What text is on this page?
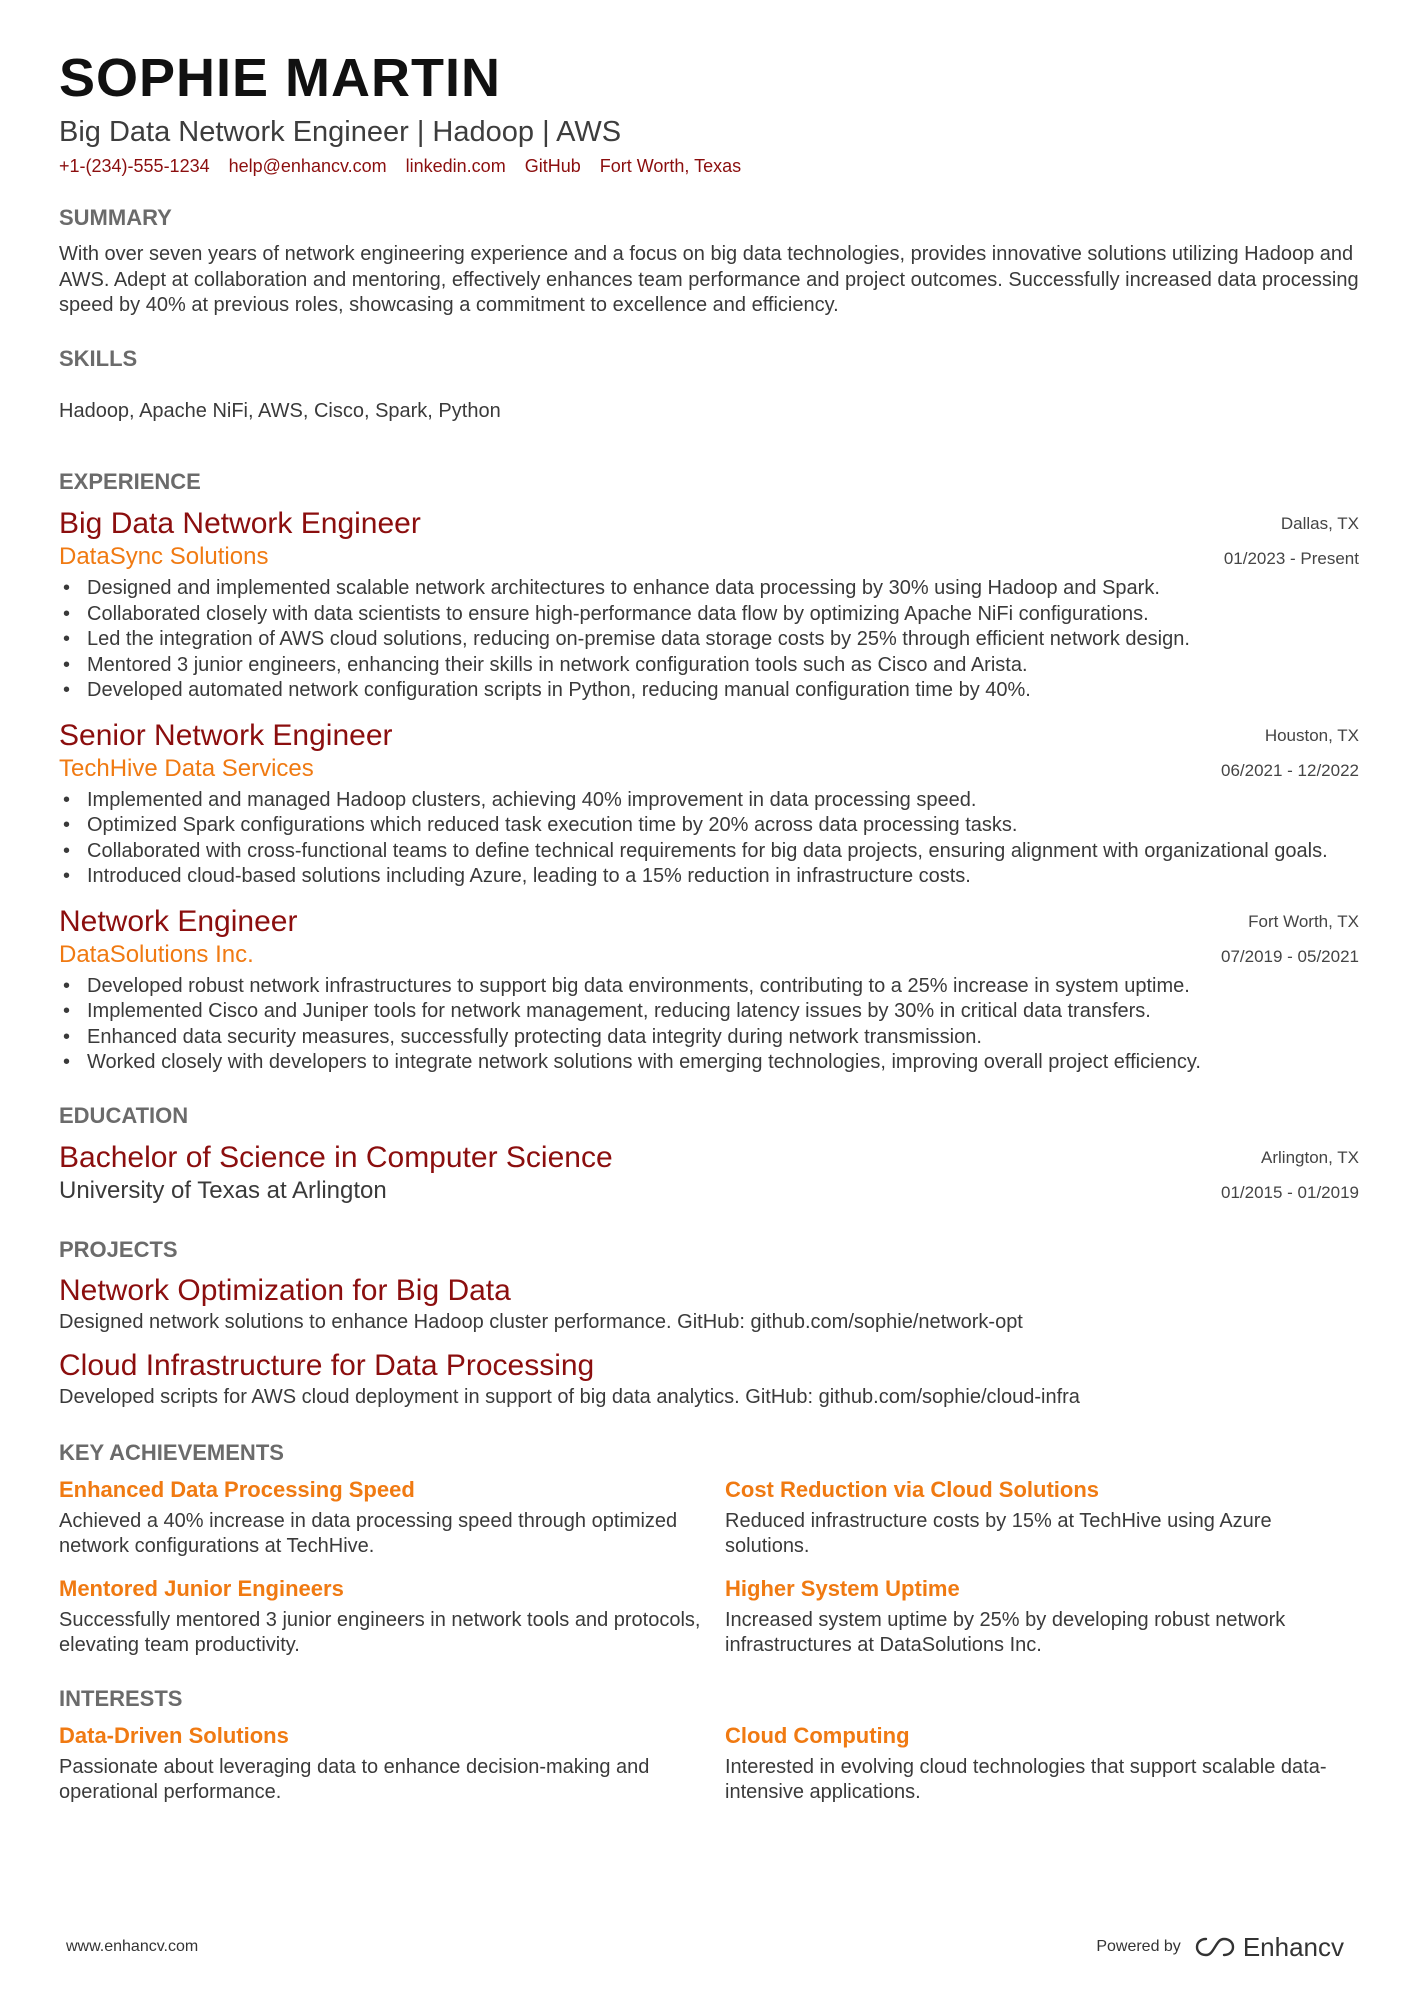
SOPHIE MARTIN
Big Data Network Engineer | Hadoop | AWS
+1-(234)-555-1234 help@enhancv.com linkedin.com GitHub Fort Worth, Texas
SUMMARY

With over seven years of network engineering experience and a focus on big data technologies, provides innovative solutions utilizing Hadoop and AWS. Adept at collaboration and mentoring, effectively enhances team performance and project outcomes. Successfully increased data processing speed by 40% at previous roles, showcasing a commitment to excellence and efficiency.

SKILLS

Hadoop, Apache NiFi, AWS, Cisco, Spark, Python

EXPERIENCE
Big Data Network Engineer
DataSync Solutions
Dallas, TX
01/2023 - Present
• Designed and implemented scalable network architectures to enhance data processing by 30% using Hadoop and Spark.
• Collaborated closely with data scientists to ensure high-performance data flow by optimizing Apache NiFi configurations.
• Led the integration of AWS cloud solutions, reducing on-premise data storage costs by 25% through efficient network design.
• Mentored 3 junior engineers, enhancing their skills in network configuration tools such as Cisco and Arista.
• Developed automated network configuration scripts in Python, reducing manual configuration time by 40%.
Senior Network Engineer
TechHive Data Services
Houston, TX
06/2021 - 12/2022
• Implemented and managed Hadoop clusters, achieving 40% improvement in data processing speed.
• Optimized Spark configurations which reduced task execution time by 20% across data processing tasks.
• Collaborated with cross-functional teams to define technical requirements for big data projects, ensuring alignment with organizational goals.
• Introduced cloud-based solutions including Azure, leading to a 15% reduction in infrastructure costs.
Network Engineer
DataSolutions Inc.
Fort Worth, TX
07/2019 - 05/2021
• Developed robust network infrastructures to support big data environments, contributing to a 25% increase in system uptime.
• Implemented Cisco and Juniper tools for network management, reducing latency issues by 30% in critical data transfers.
• Enhanced data security measures, successfully protecting data integrity during network transmission.
• Worked closely with developers to integrate network solutions with emerging technologies, improving overall project efficiency.
EDUCATION
Bachelor of Science in Computer Science
University of Texas at Arlington
Arlington, TX
01/2015 - 01/2019
PROJECTS
Network Optimization for Big Data

Designed network solutions to enhance Hadoop cluster performance. GitHub: github.com/sophie/network-opt

Cloud Infrastructure for Data Processing

Developed scripts for AWS cloud deployment in support of big data analytics. GitHub: github.com/sophie/cloud-infra

KEY ACHIEVEMENTS
Enhanced Data Processing Speed

Achieved a 40% increase in data processing speed through optimized network configurations at TechHive.

Cost Reduction via Cloud Solutions

Reduced infrastructure costs by 15% at TechHive using Azure solutions.

Mentored Junior Engineers

Successfully mentored 3 junior engineers in network tools and protocols, elevating team productivity.

Higher System Uptime

Increased system uptime by 25% by developing robust network infrastructures at DataSolutions Inc.

INTERESTS
Data-Driven Solutions

Passionate about leveraging data to enhance decision-making and operational performance.

Cloud Computing

Interested in evolving cloud technologies that support scalable data-intensive applications.

www.enhancv.com	Powered by Enhancv
